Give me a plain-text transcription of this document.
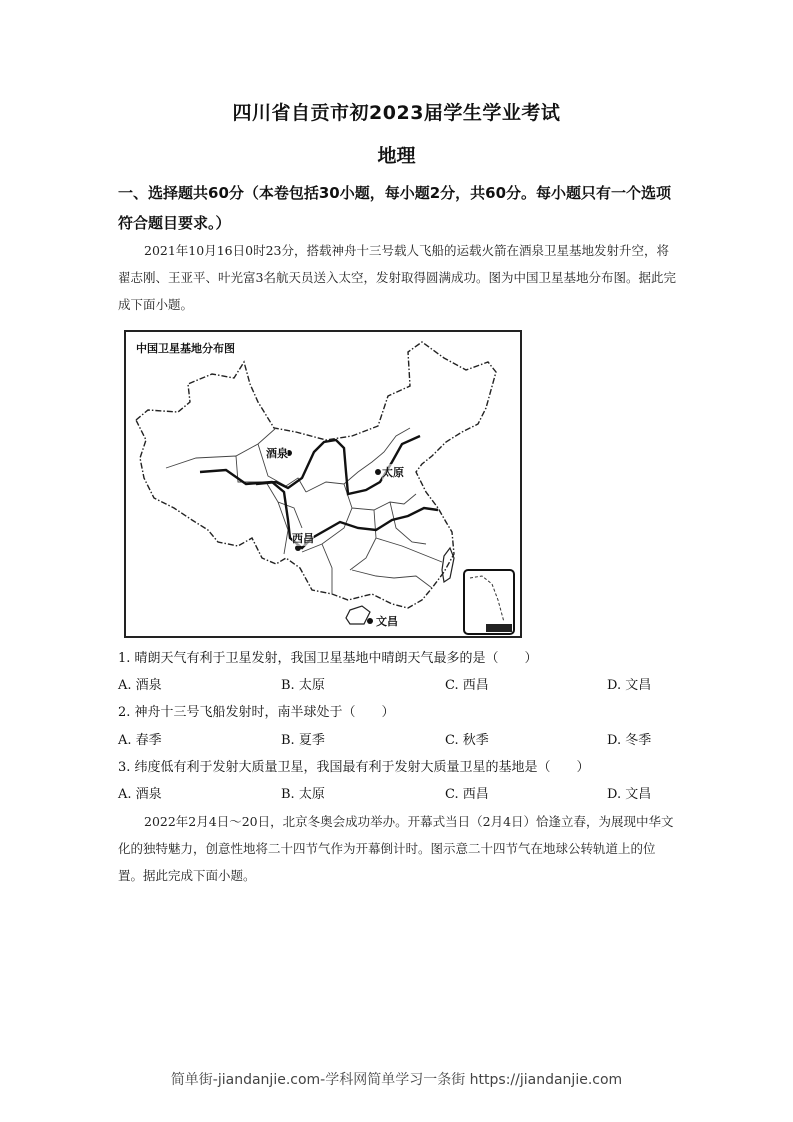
四川省自贡市初2023届学生学业考试
地理
一、选择题共60分（本卷包括30小题，每小题2分，共60分。每小题只有一个选项符合题目要求。）
2021年10月16日0时23分，搭载神舟十三号载人飞船的运载火箭在酒泉卫星基地发射升空，将翟志刚、王亚平、叶光富3名航天员送入太空，发射取得圆满成功。图为中国卫星基地分布图。据此完成下面小题。
中国卫星基地分布图
酒泉
太原
西昌
文昌
1. 晴朗天气有利于卫星发射，我国卫星基地中晴朗天气最多的是（　　）
A. 酒泉	B. 太原	C. 西昌	D. 文昌
2. 神舟十三号飞船发射时，南半球处于（　　）
A. 春季	B. 夏季	C. 秋季	D. 冬季
3. 纬度低有利于发射大质量卫星，我国最有利于发射大质量卫星的基地是（　　）
A. 酒泉	B. 太原	C. 西昌	D. 文昌
2022年2月4日～20日，北京冬奥会成功举办。开幕式当日（2月4日）恰逢立春，为展现中华文化的独特魅力，创意性地将二十四节气作为开幕倒计时。图示意二十四节气在地球公转轨道上的位置。据此完成下面小题。
简单街-jiandanjie.com-学科网简单学习一条街 https://jiandanjie.com
